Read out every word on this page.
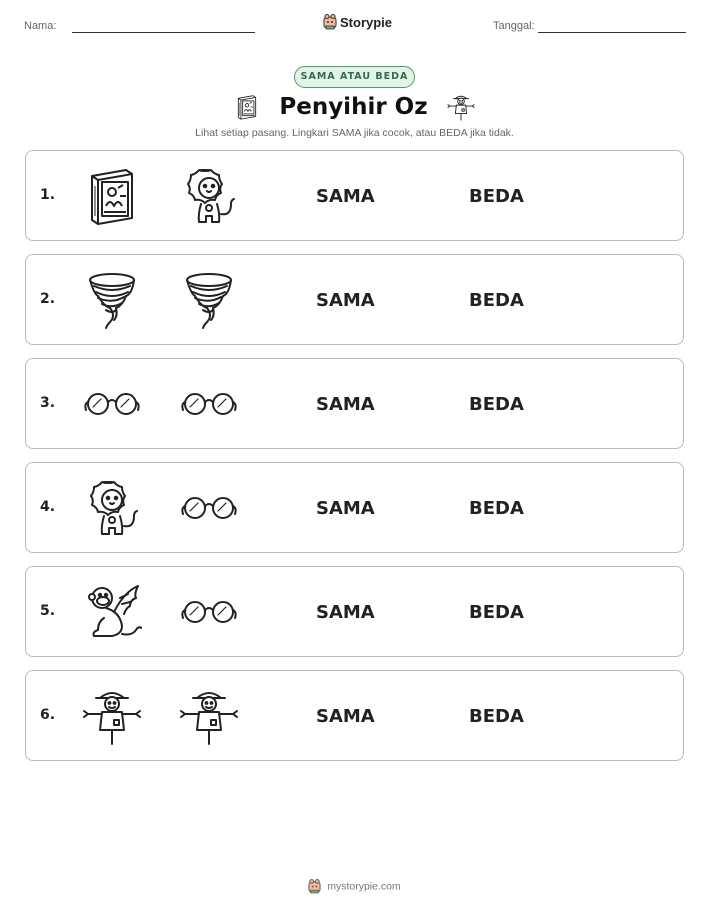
Nama:	Storypie	Tanggal:
SAMA ATAU BEDA
Penyihir Oz
Lihat setiap pasang. Lingkari SAMA jika cocok, atau BEDA jika tidak.
1.	SAMA	BEDA
2.	SAMA	BEDA
3.	SAMA	BEDA
4.	SAMA	BEDA
5.	SAMA	BEDA
6.	SAMA	BEDA
mystorypie.com
